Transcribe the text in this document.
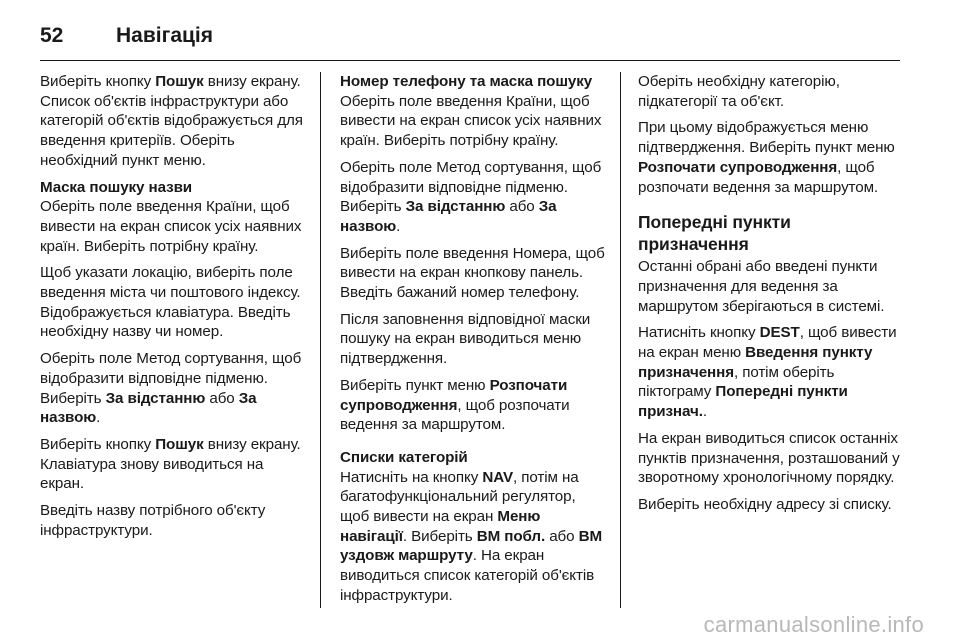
52	Навігація

Виберіть кнопку Пошук внизу екрану. Список об'єктів інфраструктури або категорій об'єктів відображується для введення критеріїв. Оберіть необхідний пункт меню.

Маска пошуку назви

Оберіть поле введення Країни, щоб вивести на екран список усіх наявних країн. Виберіть потрібну країну.

Щоб указати локацію, виберіть поле введення міста чи поштового індексу. Відображується клавіатура. Введіть необхідну назву чи номер.

Оберіть поле Метод сортування, щоб відобразити відповідне підменю. Виберіть За відстанню або За назвою.

Виберіть кнопку Пошук внизу екрану. Клавіатура знову виводиться на екран.

Введіть назву потрібного об'єкту інфраструктури.

Номер телефону та маска пошуку

Оберіть поле введення Країни, щоб вивести на екран список усіх наявних країн. Виберіть потрібну країну.

Оберіть поле Метод сортування, щоб відобразити відповідне підменю. Виберіть За відстанню або За назвою.

Виберіть поле введення Номера, щоб вивести на екран кнопкову панель. Введіть бажаний номер телефону.

Після заповнення відповідної маски пошуку на екран виводиться меню підтвердження.

Виберіть пункт меню Розпочати супроводження, щоб розпочати ведення за маршрутом.

Списки категорій

Натисніть на кнопку NAV, потім на багатофункціональний регулятор, щоб вивести на екран Меню навігації. Виберіть ВМ побл. або ВМ уздовж маршруту. На екран виводиться список категорій об'єктів інфраструктури.

Оберіть необхідну категорію, підкатегорії та об'єкт.

При цьому відображується меню підтвердження. Виберіть пункт меню Розпочати супроводження, щоб розпочати ведення за маршрутом.

Попередні пункти призначення

Останні обрані або введені пункти призначення для ведення за маршрутом зберігаються в системі.

Натисніть кнопку DEST, щоб вивести на екран меню Введення пункту призначення, потім оберіть піктограму Попередні пункти признач..

На екран виводиться список останніх пунктів призначення, розташований у зворотному хронологічному порядку.

Виберіть необхідну адресу зі списку.

carmanualsonline.info
